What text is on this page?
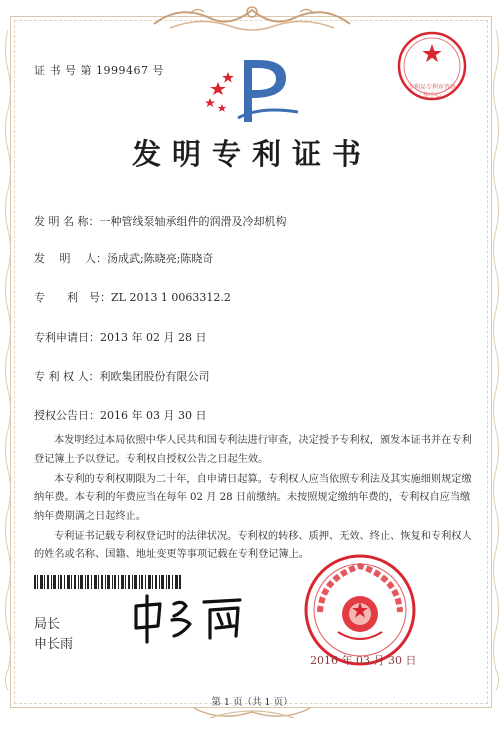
证 书 号 第 1999467 号
专利局专利审查协作中心
发明专利证书
发 明 名 称：一种管线泵轴承组件的润滑及冷却机构
发　 明　 人：汤成武;陈晓亮;陈晓奇
专　　利　号：ZL 2013 1 0063312.2
专利申请日：2013 年 02 月 28 日
专 利 权 人：利欧集团股份有限公司
授权公告日：2016 年 03 月 30 日

本发明经过本局依照中华人民共和国专利法进行审查，决定授予专利权，颁发本证书并在专利登记簿上予以登记。专利权自授权公告之日起生效。

本专利的专利权期限为二十年，自申请日起算。专利权人应当依照专利法及其实施细则规定缴纳年费。本专利的年费应当在每年 02 月 28 日前缴纳。未按照规定缴纳年费的，专利权自应当缴纳年费期满之日起终止。

专利证书记载专利权登记时的法律状况。专利权的转移、质押、无效、终止、恢复和专利权人的姓名或名称、国籍、地址变更等事项记载在专利登记簿上。

局长
申长雨
2016 年 03 月 30 日
第 1 页（共 1 页）
